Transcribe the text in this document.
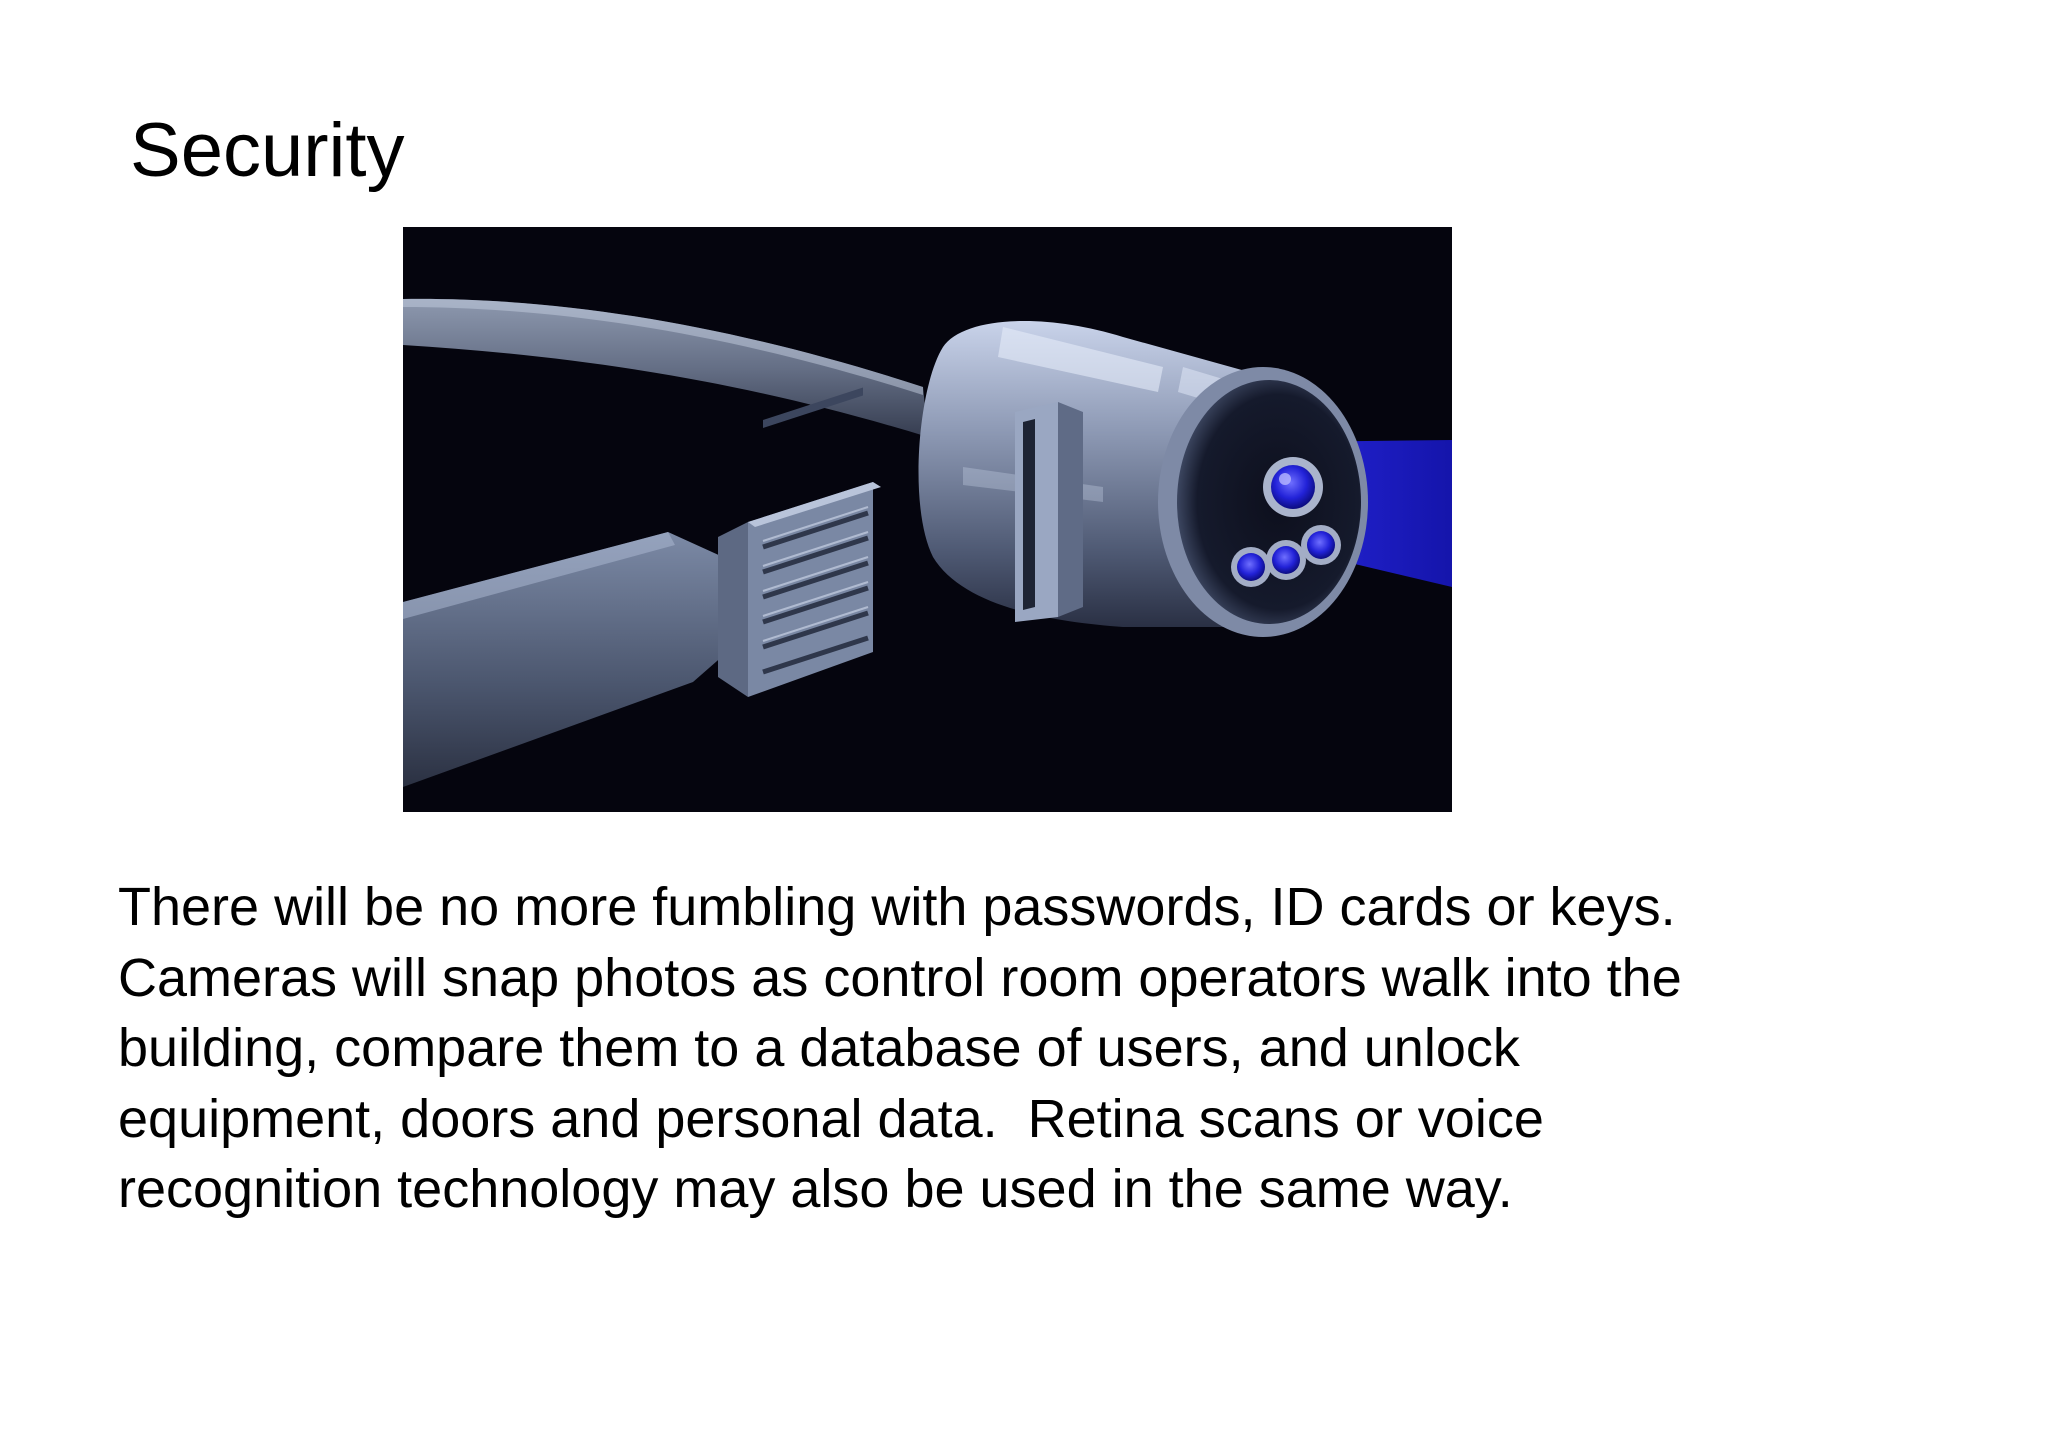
Security

There will be no more fumbling with passwords, ID cards or keys.
Cameras will snap photos as control room operators walk into the
building, compare them to a database of users, and unlock
equipment, doors and personal data.  Retina scans or voice
recognition technology may also be used in the same way.
